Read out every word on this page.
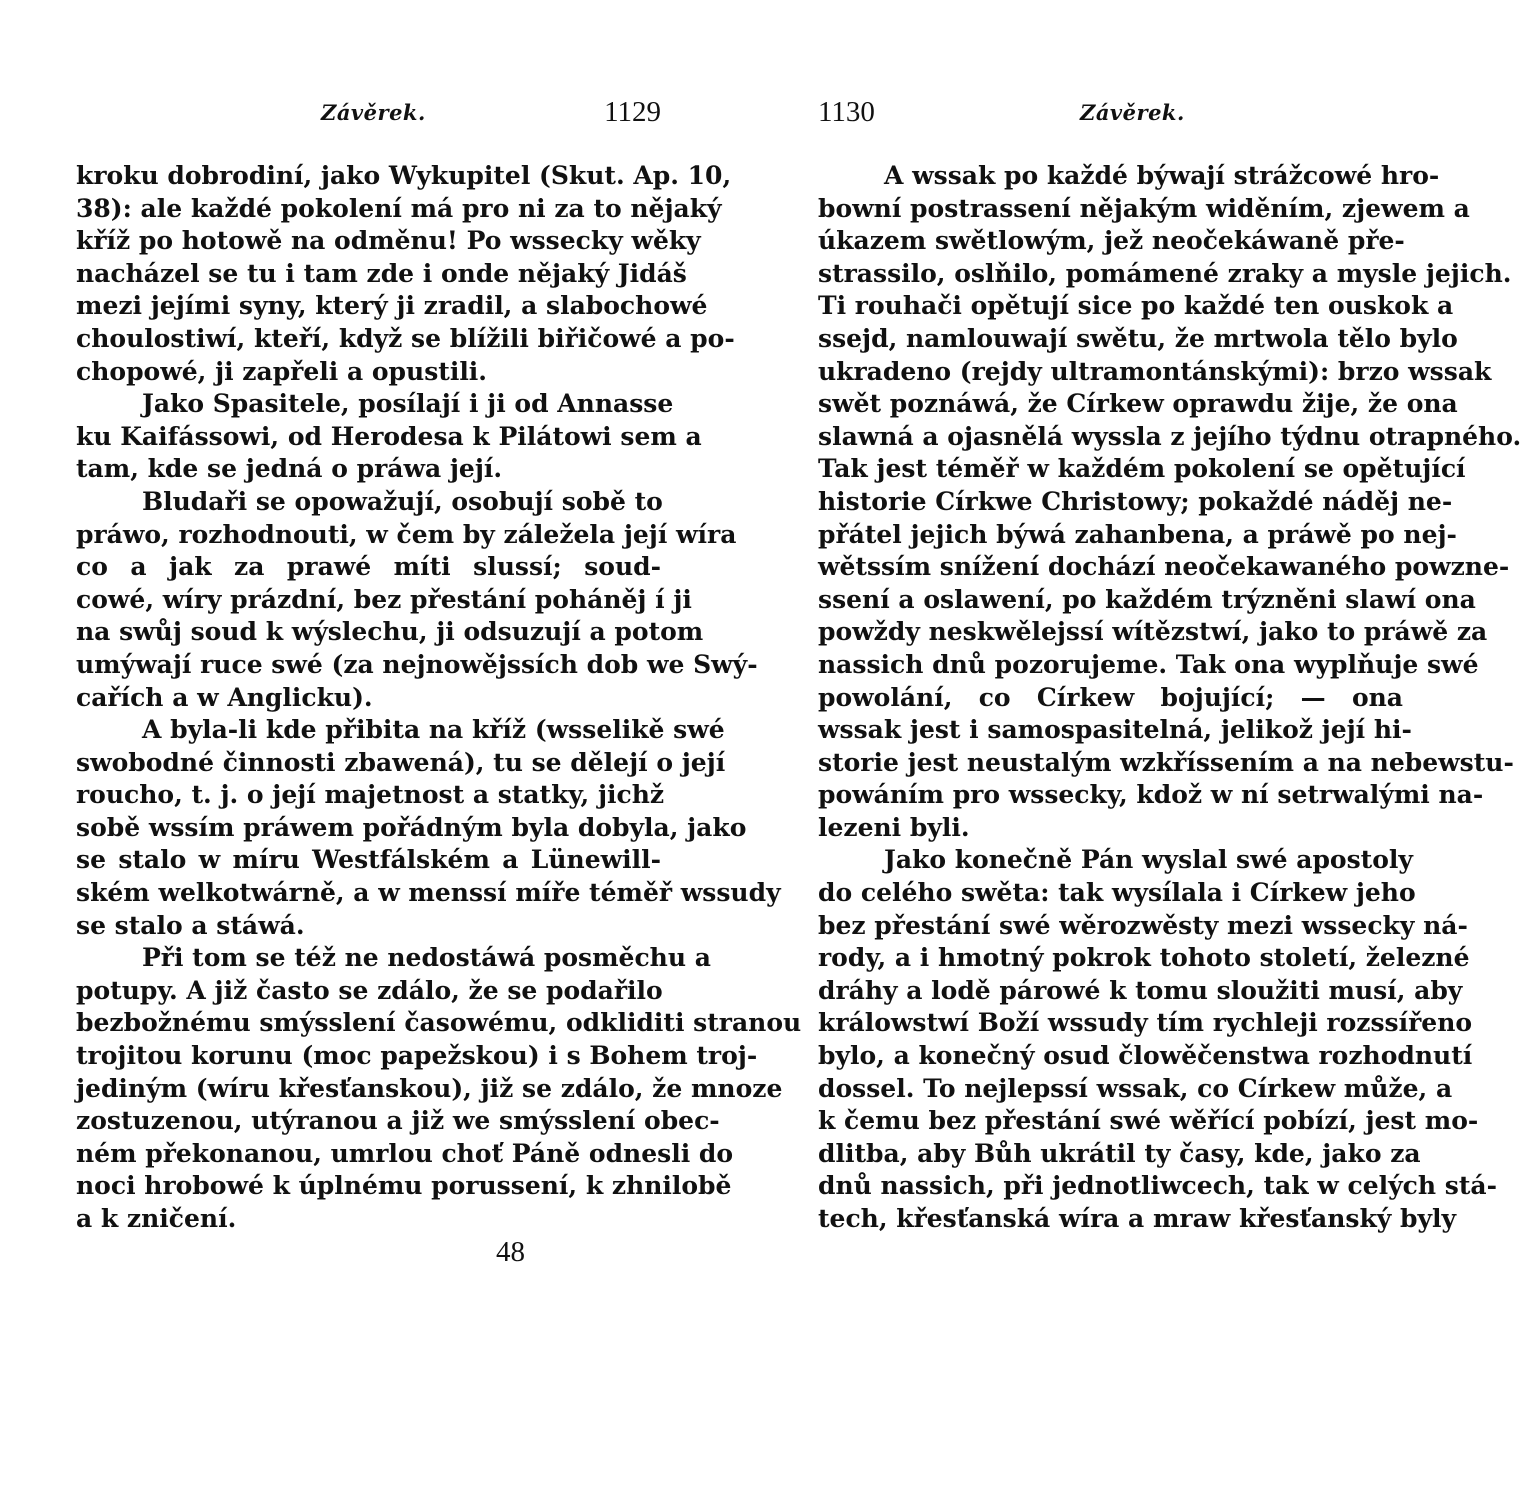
Závěrek.	1129
kroku dobrodiní, jako Wykupitel (Skut. Ap. 10,
38): ale každé pokolení má pro ni za to nějaký
kříž po hotowě na odměnu! Po wssecky wěky
nacházel se tu i tam zde i onde nějaký Jidáš
mezi jejími syny, který ji zradil, a slabochowé
choulostiwí, kteří, když se blížili biřičowé a po-
chopowé, ji zapřeli a opustili.
Jako Spasitele, posílají i ji od Annasse
ku Kaifássowi, od Herodesa k Pilátowi sem a
tam, kde se jedná o práwa její.
Bludaři se opowažují, osobují sobě to
práwo, rozhodnouti, w čem by záležela její wíra
co a jak za prawé míti slussí; soud-
cowé, wíry prázdní, bez přestání poháněj í ji
na swůj soud k wýslechu, ji odsuzují a potom
umýwají ruce swé (za nejnowějssích dob we Swý-
cařích a w Anglicku).
A byla-li kde přibita na kříž (wsselikě swé
swobodné činnosti zbawená), tu se dělejí o její
roucho, t. j. o její majetnost a statky, jichž
sobě wssím práwem pořádným byla dobyla, jako
se stalo w míru Westfálském a Lünewill-
ském welkotwárně, a w menssí míře téměř wssudy
se stalo a stáwá.
Při tom se též ne nedostáwá posměchu a
potupy. A již často se zdálo, že se podařilo
bezbožnému smýsslení časowému, odkliditi stranou
trojitou korunu (moc papežskou) i s Bohem troj-
jediným (wíru křesťanskou), již se zdálo, že mnoze
zostuzenou, utýranou a již we smýsslení obec-
ném překonanou, umrlou choť Páně odnesli do
noci hrobowé k úplnému porussení, k zhnilobě
a k zničení.
48
1130	Závěrek.
A wssak po každé býwají strážcowé hro-
bowní postrassení nějakým widěním, zjewem a
úkazem swětlowým, jež neočekáwaně pře-
strassilo, oslňilo, pomámené zraky a mysle jejich.
Ti rouhači opětují sice po každé ten ouskok a
ssejd, namlouwají swětu, že mrtwola tělo bylo
ukradeno (rejdy ultramontánskými): brzo wssak
swět poznáwá, že Církew oprawdu žije, že ona
slawná a ojasnělá wyssla z jejího týdnu otrapného.
Tak jest téměř w každém pokolení se opětující
historie Církwe Christowy; pokaždé náděj ne-
přátel jejich býwá zahanbena, a práwě po nej-
wětssím snížení dochází neočekawaného powzne-
ssení a oslawení, po každém trýzněni slawí ona
powždy neskwělejssí wítězstwí, jako to práwě za
nassich dnů pozorujeme. Tak ona wyplňuje swé
powolání, co Církew bojující; — ona
wssak jest i samospasitelná, jelikož její hi-
storie jest neustalým wzkříssením a na nebewstu-
powáním pro wssecky, kdož w ní setrwalými na-
lezeni byli.
Jako konečně Pán wyslal swé apostoly
do celého swěta: tak wysílala i Církew jeho
bez přestání swé wěrozwěsty mezi wssecky ná-
rody, a i hmotný pokrok tohoto století, železné
dráhy a lodě párowé k tomu sloužiti musí, aby
králowstwí Boží wssudy tím rychleji rozssířeno
bylo, a konečný osud člowěčenstwa rozhodnutí
dossel. To nejlepssí wssak, co Církew může, a
k čemu bez přestání swé wěřící pobízí, jest mo-
dlitba, aby Bůh ukrátil ty časy, kde, jako za
dnů nassich, při jednotliwcech, tak w celých stá-
tech, křesťanská wíra a mraw křesťanský byly
